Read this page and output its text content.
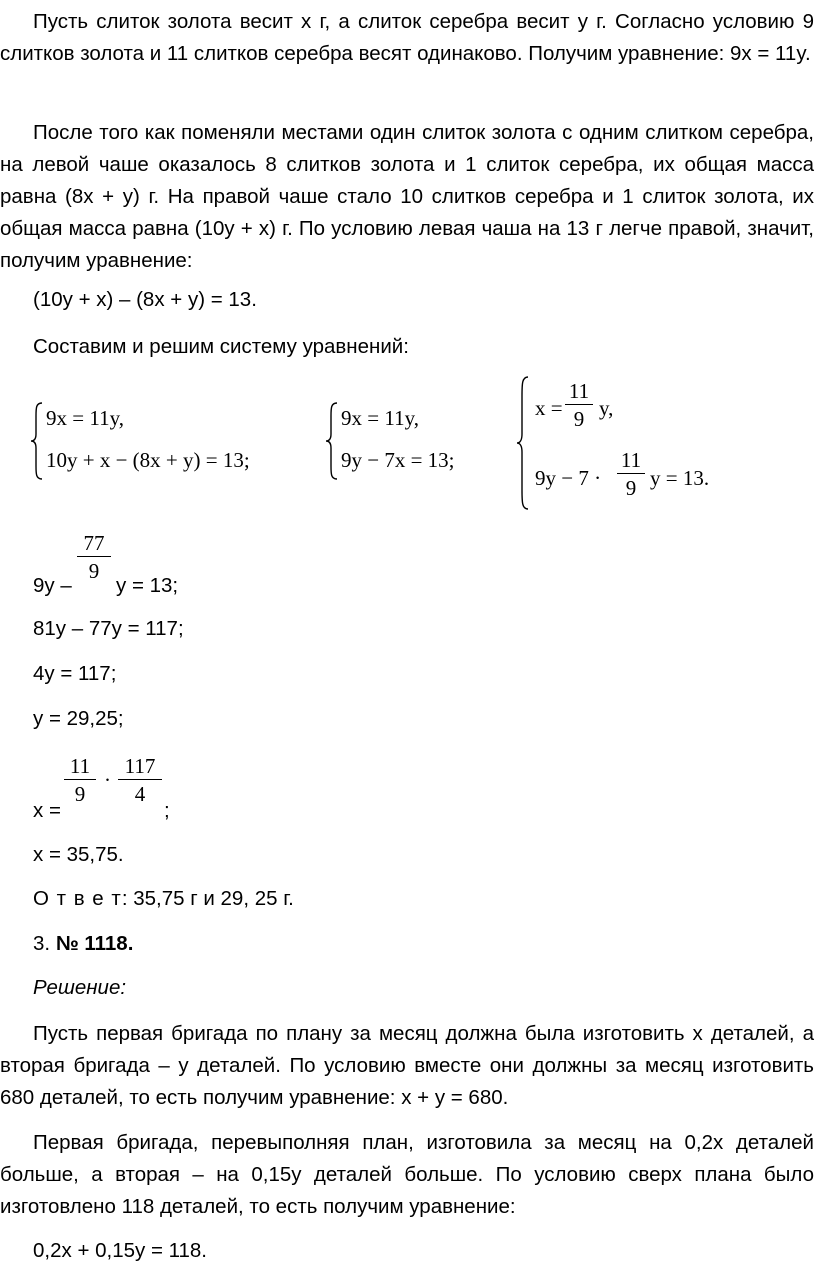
Пусть слиток золота весит x г, а слиток серебра весит y г. Согласно условию 9 слитков золота и 11 слитков серебра весят одинаково. Получим уравнение: 9x = 11y.

После того как поменяли местами один слиток золота с одним слитком серебра, на левой чаше оказалось 8 слитков золота и 1 слиток серебра, их общая масса равна (8x + y) г. На правой чаше стало 10 слитков серебра и 1 слиток золота, их общая масса равна (10y + x) г. По условию левая чаша на 13 г легче правой, значит, получим уравнение:

(10y + x) – (8x + y) = 13.

Составим и решим систему уравнений:

9x = 11y,
10y + x − (8x + y) = 13;
9x = 11y,
9y − 7x = 13;
x =
11
9 y,
9y − 7 ·
11
9 y = 13.

9y –

77
9

y = 13;

81y – 77y = 117;

4y = 117;

y = 29,25;

x =

11
9
·
117
4

;

x = 35,75.

О т в е т: 35,75 г и 29, 25 г.

3. № 1118.

Решение:

Пусть первая бригада по плану за месяц должна была изготовить x деталей, а вторая бригада – y деталей. По условию вместе они должны за месяц изготовить 680 деталей, то есть получим уравнение: x + y = 680.

Первая бригада, перевыполняя план, изготовила за месяц на 0,2x деталей больше, а вторая – на 0,15y деталей больше. По условию сверх плана было изготовлено 118 деталей, то есть получим уравнение:

0,2x + 0,15y = 118.
